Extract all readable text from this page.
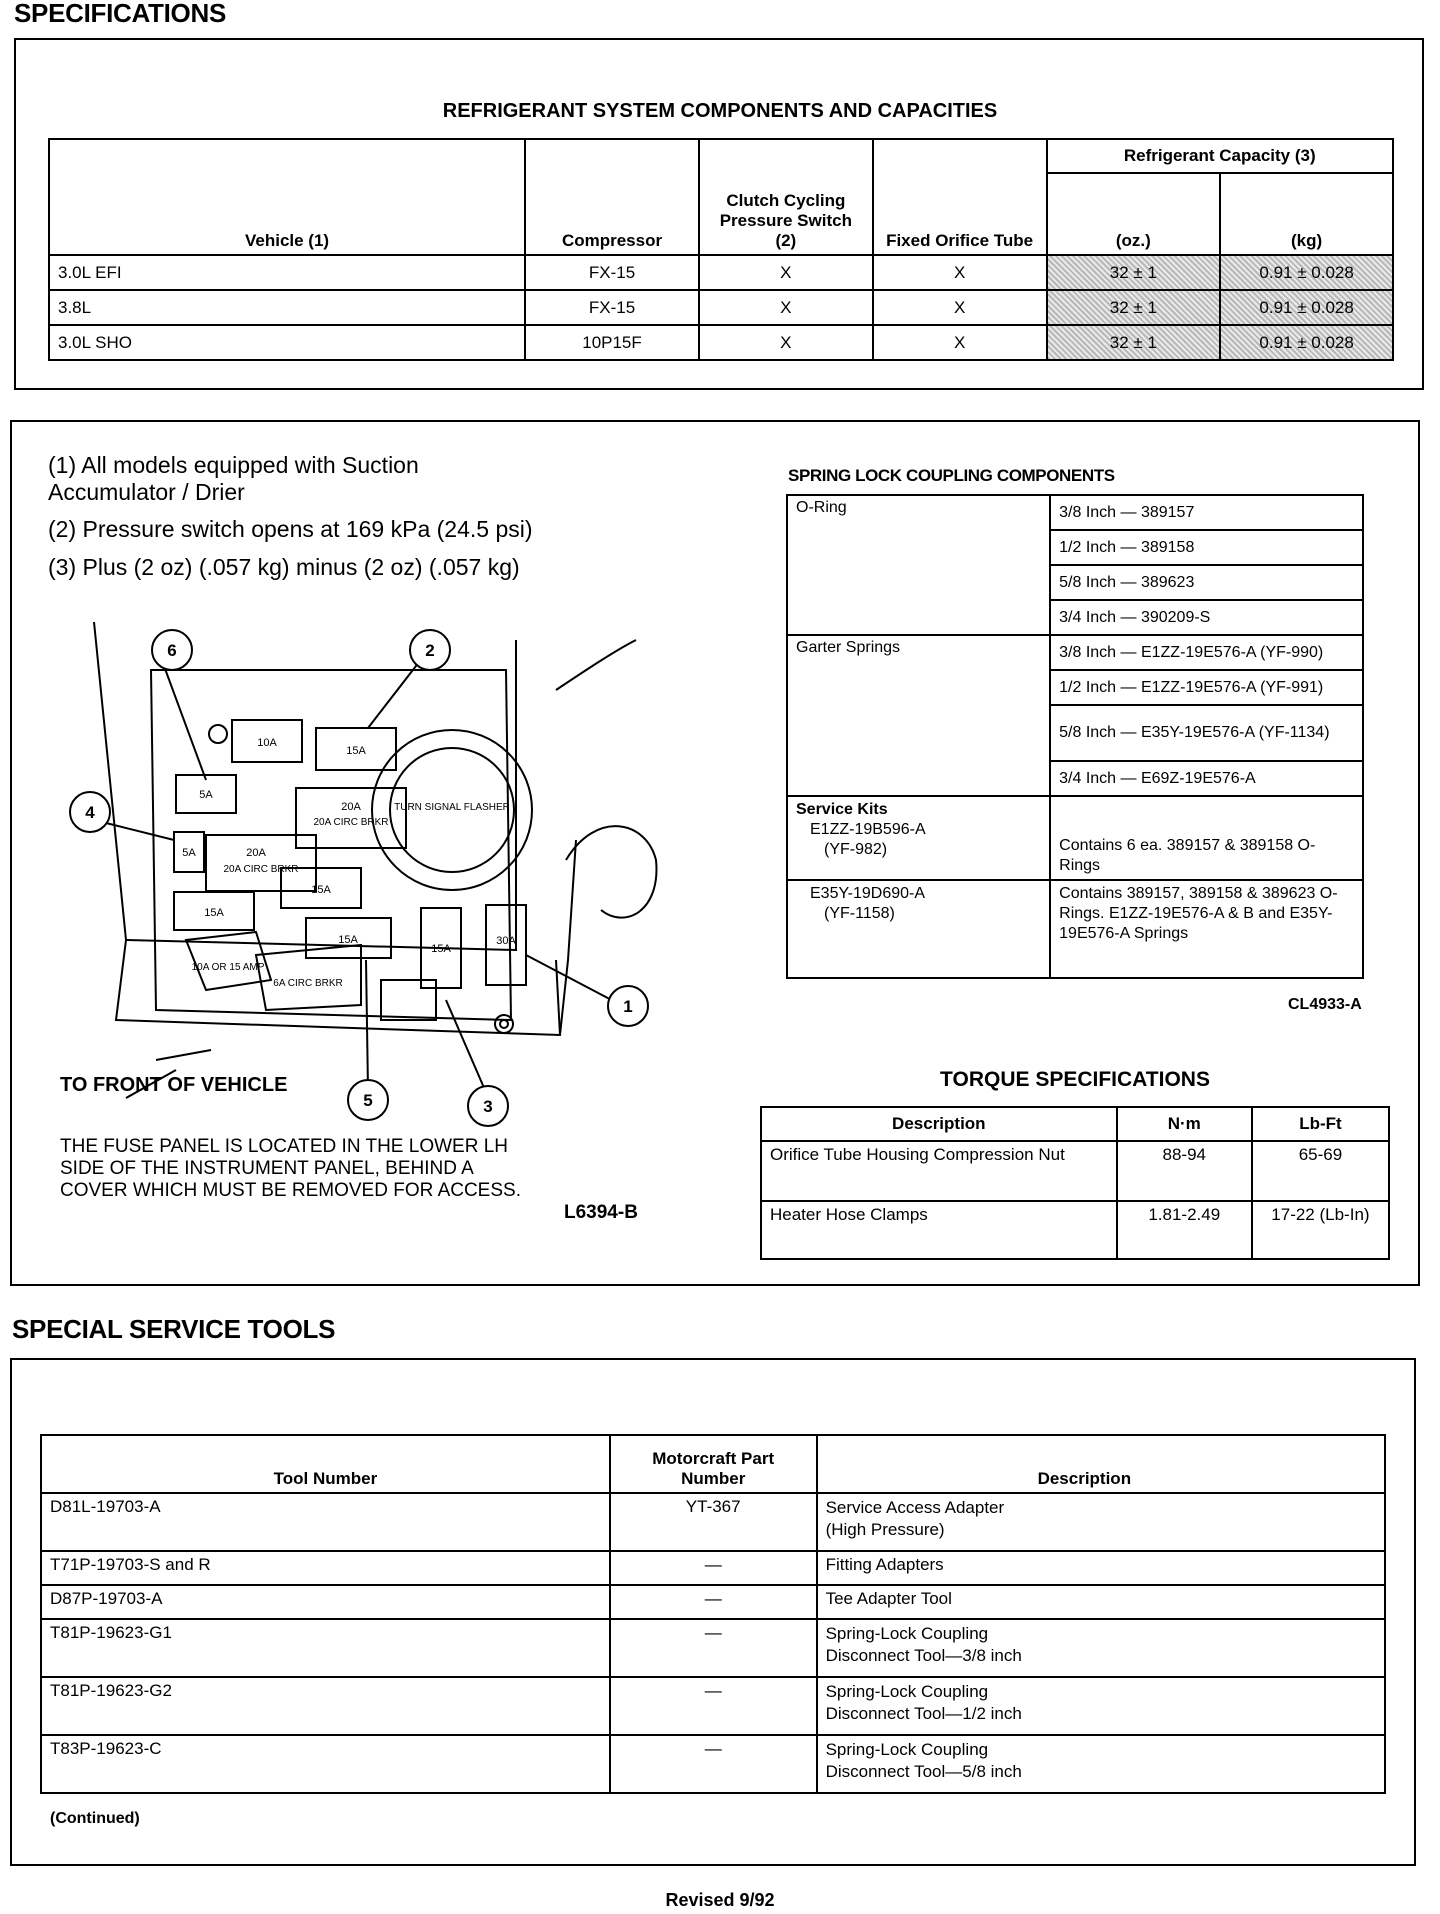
SPECIFICATIONS
REFRIGERANT SYSTEM COMPONENTS AND CAPACITIES
Vehicle (1)	Compressor	Clutch Cycling Pressure Switch (2)	Fixed Orifice Tube	Refrigerant Capacity (3)	
				(oz.)	(kg)
3.0L EFI	FX-15	X	X	32 ± 1	0.91 ± 0.028
3.8L	FX-15	X	X	32 ± 1	0.91 ± 0.028
3.0L SHO	10P15F	X	X	32 ± 1	0.91 ± 0.028
(1) All models equipped with Suction Accumulator / Drier
(2) Pressure switch opens at 169 kPa (24.5 psi)
(3) Plus (2 oz) (.057 kg) minus (2 oz) (.057 kg)
10A
15A
5A
20A
20A
15A
15A
15A
15A
30A
5A
10A OR 15 AMP
20A CIRC BRKR
20A CIRC BRKR
6A CIRC BRKR
TURN SIGNAL FLASHER
6	2
4
1
5	3
TO FRONT OF VEHICLE
THE FUSE PANEL IS LOCATED IN THE LOWER LH SIDE OF THE INSTRUMENT PANEL, BEHIND A COVER WHICH MUST BE REMOVED FOR ACCESS.
L6394-B
SPRING LOCK COUPLING COMPONENTS
O-Ring	3/8 Inch — 389157
	1/2 Inch — 389158
	5/8 Inch — 389623
	3/4 Inch — 390209-S
Garter Springs	3/8 Inch — E1ZZ-19E576-A (YF-990)
	1/2 Inch — E1ZZ-19E576-A (YF-991)
	5/8 Inch — E35Y-19E576-A (YF-1134)
	3/4 Inch — E69Z-19E576-A

Service Kits
E1ZZ-19B596-A
(YF-982)	Contains 6 ea. 389157 & 389158 O-Rings

E35Y-19D690-A
(YF-1158)	Contains 389157, 389158 & 389623 O-Rings. E1ZZ-19E576-A & B and E35Y-19E576-A Springs
CL4933-A
TORQUE SPECIFICATIONS
Description	N·m	Lb-Ft
Orifice Tube Housing Compression Nut	88-94	65-69
Heater Hose Clamps	1.81-2.49	17-22 (Lb-In)
SPECIAL SERVICE TOOLS
Tool Number	Motorcraft Part Number	Description
D81L-19703-A	YT-367	Service Access Adapter
(High Pressure)

T71P-19703-S and R	—	Fitting Adapters
D87P-19703-A	—	Tee Adapter Tool
T81P-19623-G1	—	Spring-Lock Coupling
Disconnect Tool—3/8 inch

T81P-19623-G2	—	Spring-Lock Coupling
Disconnect Tool—1/2 inch

T83P-19623-C	—	Spring-Lock Coupling
Disconnect Tool—5/8 inch
(Continued)
Revised 9/92
